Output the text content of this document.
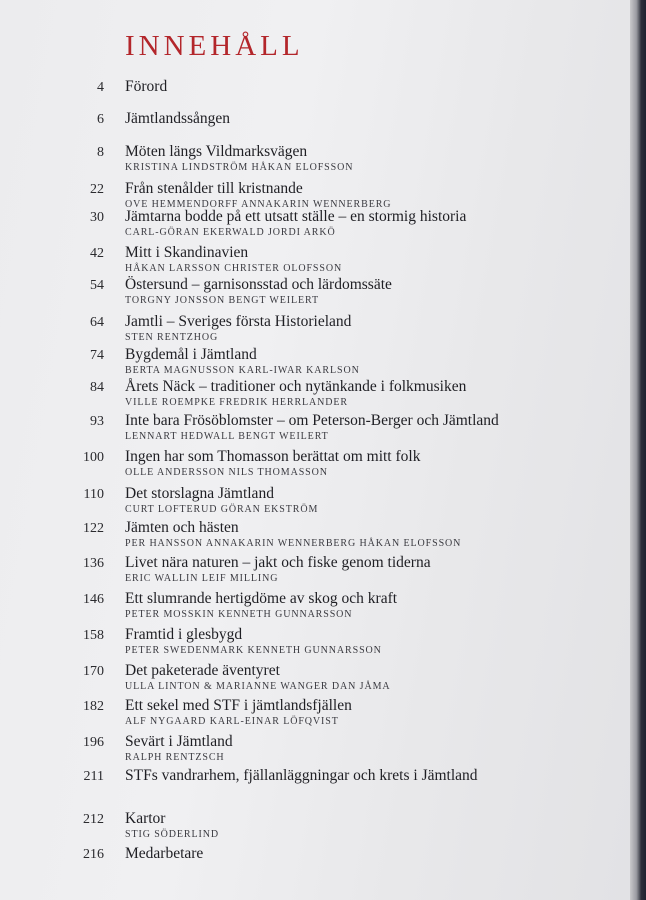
INNEHÅLL
4 Förord
6 Jämtlandssången
8 Möten längs Vildmarksvägen
KRISTINA LINDSTRÖM HÅKAN ELOFSSON
22 Från stenålder till kristnande
OVE HEMMENDORFF ANNAKARIN WENNERBERG
30 Jämtarna bodde på ett utsatt ställe – en stormig historia
CARL-GÖRAN EKERWALD JORDI ARKÖ
42 Mitt i Skandinavien
HÅKAN LARSSON CHRISTER OLOFSSON
54 Östersund – garnisonsstad och lärdomssäte
TORGNY JONSSON BENGT WEILERT
64 Jamtli – Sveriges första Historieland
STEN RENTZHOG
74 Bygdemål i Jämtland
BERTA MAGNUSSON KARL-IWAR KARLSON
84 Årets Näck – traditioner och nytänkande i folkmusiken
VILLE ROEMPKE FREDRIK HERRLANDER
93 Inte bara Frösöblomster – om Peterson-Berger och Jämtland
LENNART HEDWALL BENGT WEILERT
100 Ingen har som Thomasson berättat om mitt folk
OLLE ANDERSSON NILS THOMASSON
110 Det storslagna Jämtland
CURT LOFTERUD GÖRAN EKSTRÖM
122 Jämten och hästen
PER HANSSON ANNAKARIN WENNERBERG HÅKAN ELOFSSON
136 Livet nära naturen – jakt och fiske genom tiderna
ERIC WALLIN LEIF MILLING
146 Ett slumrande hertigdöme av skog och kraft
PETER MOSSKIN KENNETH GUNNARSSON
158 Framtid i glesbygd
PETER SWEDENMARK KENNETH GUNNARSSON
170 Det paketerade äventyret
ULLA LINTON & MARIANNE WANGER DAN JÅMA
182 Ett sekel med STF i jämtlandsfjällen
ALF NYGAARD KARL-EINAR LÖFQVIST
196 Sevärt i Jämtland
RALPH RENTZSCH
211 STFs vandrarhem, fjällanläggningar och krets i Jämtland
212 Kartor
STIG SÖDERLIND
216 Medarbetare
